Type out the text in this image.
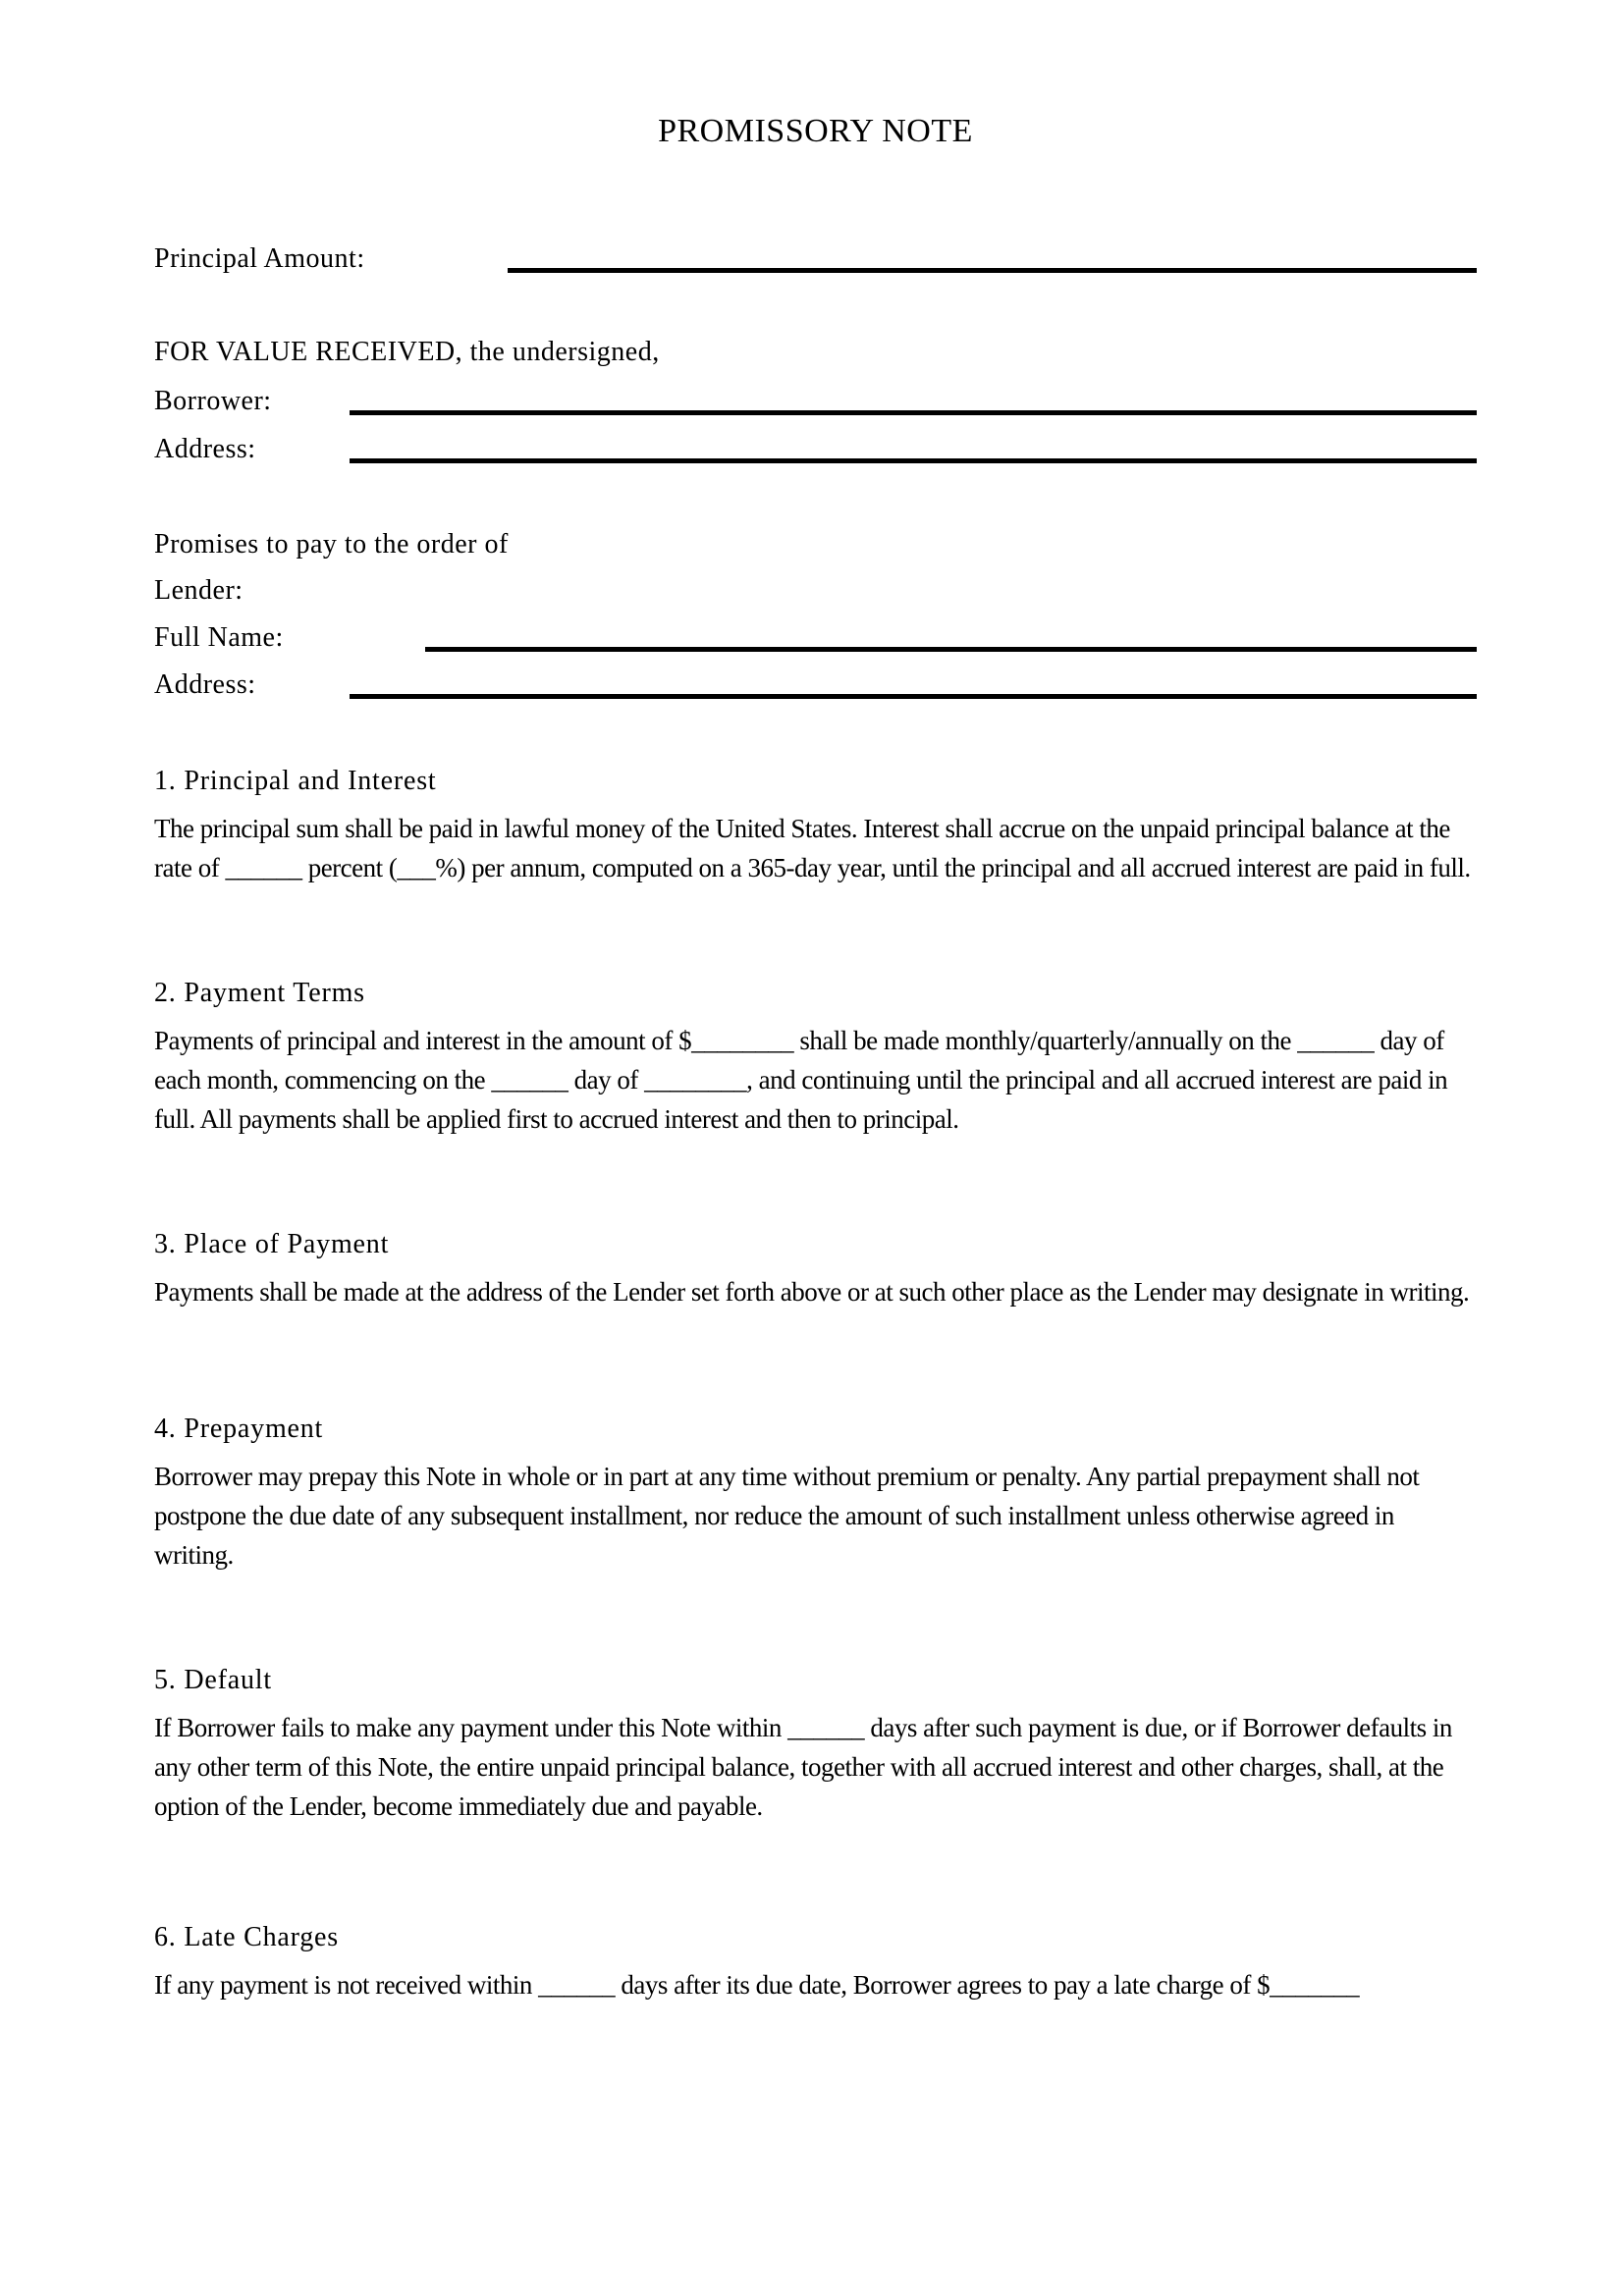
PROMISSORY NOTE
Principal Amount:

FOR VALUE RECEIVED, the undersigned,

Borrower:
Address:

Promises to pay to the order of

Lender:

Full Name:
Address:
1. Principal and Interest

The principal sum shall be paid in lawful money of the United States. Interest shall accrue on the unpaid principal balance at the rate of ______ percent (___%) per annum, computed on a 365-day year, until the principal and all accrued interest are paid in full.

2. Payment Terms

Payments of principal and interest in the amount of $________ shall be made monthly/quarterly/annually on the ______ day of each month, commencing on the ______ day of ________, and continuing until the principal and all accrued interest are paid in full. All payments shall be applied first to accrued interest and then to principal.

3. Place of Payment

Payments shall be made at the address of the Lender set forth above or at such other place as the Lender may designate in writing.

4. Prepayment

Borrower may prepay this Note in whole or in part at any time without premium or penalty. Any partial prepayment shall not postpone the due date of any subsequent installment, nor reduce the amount of such installment unless otherwise agreed in writing.

5. Default

If Borrower fails to make any payment under this Note within ______ days after such payment is due, or if Borrower defaults in any other term of this Note, the entire unpaid principal balance, together with all accrued interest and other charges, shall, at the option of the Lender, become immediately due and payable.

6. Late Charges

If any payment is not received within ______ days after its due date, Borrower agrees to pay a late charge of $_______
